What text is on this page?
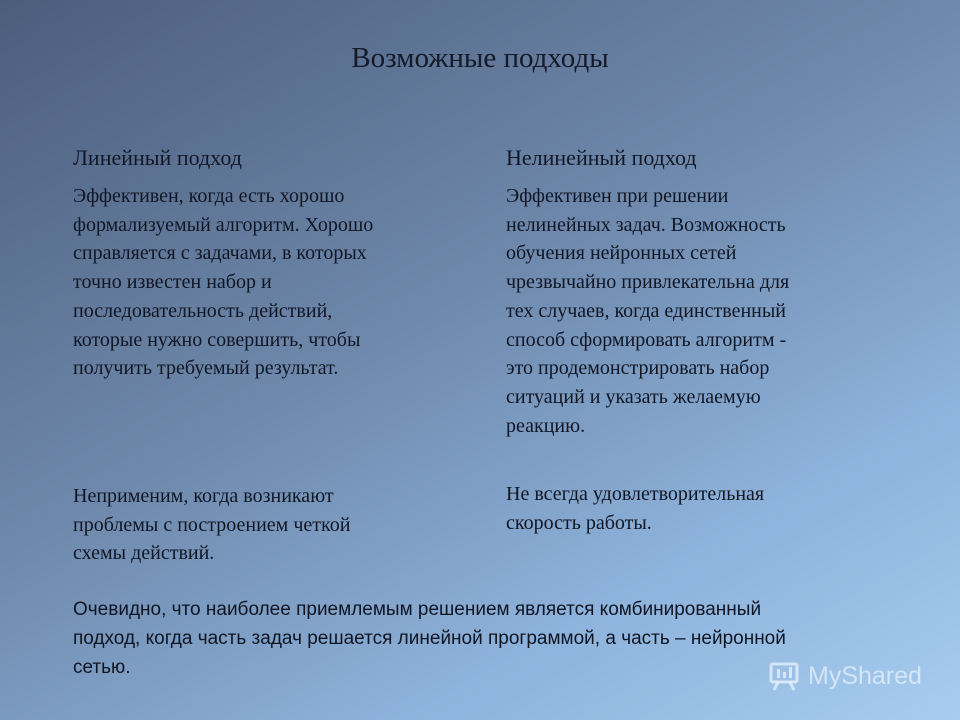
Возможные подходы
Линейный подход
Эффективен, когда есть хорошо
формализуемый алгоритм. Хорошо
справляется с задачами, в которых
точно известен набор и
последовательность действий,
которые нужно совершить, чтобы
получить требуемый результат.
Неприменим, когда возникают
проблемы с построением четкой
схемы действий.
Нелинейный подход
Эффективен при решении
нелинейных задач. Возможность
обучения нейронных сетей
чрезвычайно привлекательна для
тех случаев, когда единственный
способ сформировать алгоритм -
это продемонстрировать набор
ситуаций и указать желаемую
реакцию.
Не всегда удовлетворительная
скорость работы.
Очевидно, что наиболее приемлемым решением является комбинированный
подход, когда часть задач решается линейной программой, а часть – нейронной
сетью.	MyShared
